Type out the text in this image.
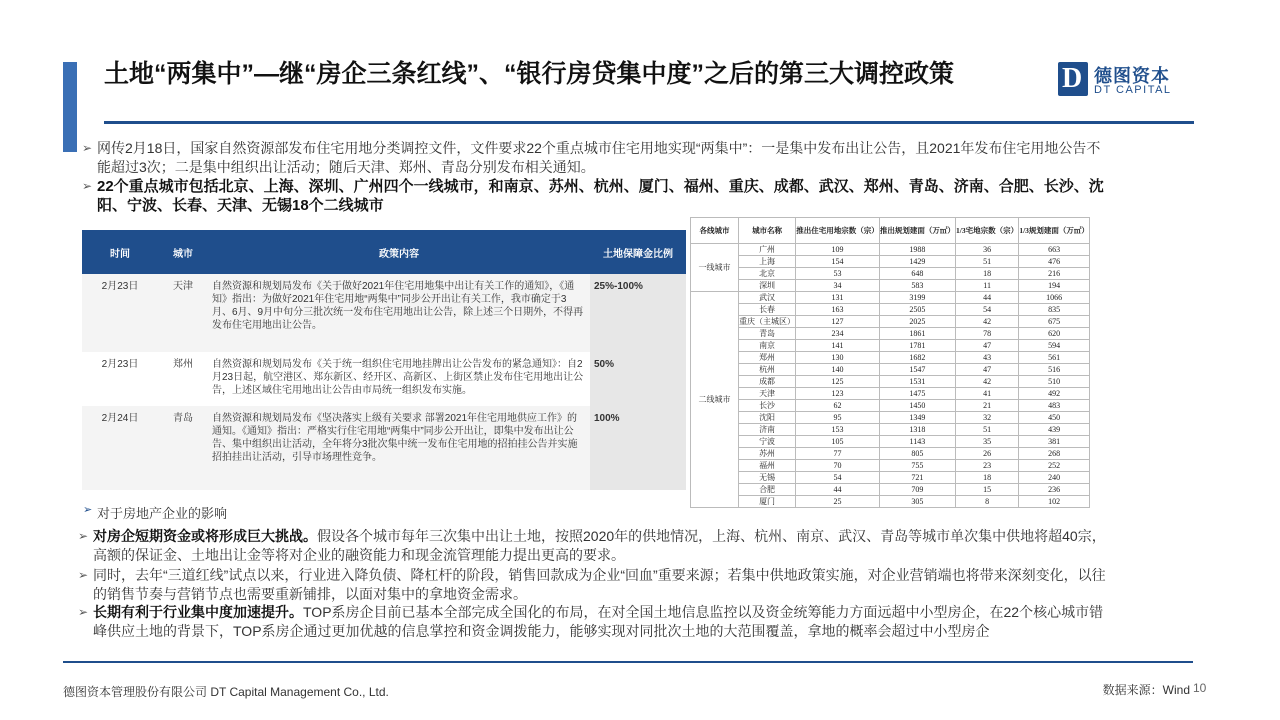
土地“两集中”—继“房企三条红线”、“银行房贷集中度”之后的第三大调控政策	D 德图资本
DT CAPITAL
➢ 网传2月18日，国家自然资源部发布住宅用地分类调控文件，文件要求22个重点城市住宅用地实现“两集中”：一是集中发布出让公告，且2021年发布住宅用地公告不能超过3次；二是集中组织出让活动；随后天津、郑州、青岛分别发布相关通知。
➢ 22个重点城市包括北京、上海、深圳、广州四个一线城市，和南京、苏州、杭州、厦门、福州、重庆、成都、武汉、郑州、青岛、济南、合肥、长沙、沈阳、宁波、长春、天津、无锡18个二线城市
时间	城市	政策内容	土地保障金比例
2月23日	天津	自然资源和规划局发布《关于做好2021年住宅用地集中出让有关工作的通知》，《通知》指出：为做好2021年住宅用地“两集中”同步公开出让有关工作，我市确定于3月、6月、9月中旬分三批次统一发布住宅用地出让公告，除上述三个日期外，不得再发布住宅用地出让公告。	25%-100%
2月23日	郑州	自然资源和规划局发布《关于统一组织住宅用地挂牌出让公告发布的紧急通知》：自2月23日起，航空港区、郑东新区、经开区、高新区、上街区禁止发布住宅用地出让公告，上述区域住宅用地出让公告由市局统一组织发布实施。	50%
2月24日	青岛	自然资源和规划局发布《坚决落实上级有关要求 部署2021年住宅用地供应工作》的通知。《通知》指出：严格实行住宅用地“两集中”同步公开出让，即集中发布出让公告、集中组织出让活动，全年将分3批次集中统一发布住宅用地的招拍挂公告并实施招拍挂出让活动，引导市场理性竞争。	100%
各线城市	城市名称	推出住宅用地宗数（宗）	推出规划建面（万㎡）	1/3宅地宗数（宗）	1/3规划建面（万㎡）
一线城市	广州	109	1988	36	663
	上海	154	1429	51	476
	北京	53	648	18	216
	深圳	34	583	11	194
二线城市	武汉	131	3199	44	1066
	长春	163	2505	54	835
	重庆（主城区）	127	2025	42	675
	青岛	234	1861	78	620
	南京	141	1781	47	594
	郑州	130	1682	43	561
	杭州	140	1547	47	516
	成都	125	1531	42	510
	天津	123	1475	41	492
	长沙	62	1450	21	483
	沈阳	95	1349	32	450
	济南	153	1318	51	439
	宁波	105	1143	35	381
	苏州	77	805	26	268
	福州	70	755	23	252
	无锡	54	721	18	240
	合肥	44	709	15	236
	厦门	25	305	8	102
➢ 对于房地产企业的影响
➢ 对房企短期资金或将形成巨大挑战。假设各个城市每年三次集中出让土地，按照2020年的供地情况，上海、杭州、南京、武汉、青岛等城市单次集中供地将超40宗，高额的保证金、土地出让金等将对企业的融资能力和现金流管理能力提出更高的要求。
➢ 同时，去年“三道红线”试点以来，行业进入降负债、降杠杆的阶段，销售回款成为企业“回血”重要来源；若集中供地政策实施，对企业营销端也将带来深刻变化，以往的销售节奏与营销节点也需要重新铺排，以面对集中的拿地资金需求。
➢ 长期有利于行业集中度加速提升。TOP系房企目前已基本全部完成全国化的布局，在对全国土地信息监控以及资金统筹能力方面远超中小型房企，在22个核心城市错峰供应土地的背景下，TOP系房企通过更加优越的信息掌控和资金调拨能力，能够实现对同批次土地的大范围覆盖，拿地的概率会超过中小型房企
德图资本管理股份有限公司 DT Capital Management Co., Ltd.	数据来源：Wind 10
